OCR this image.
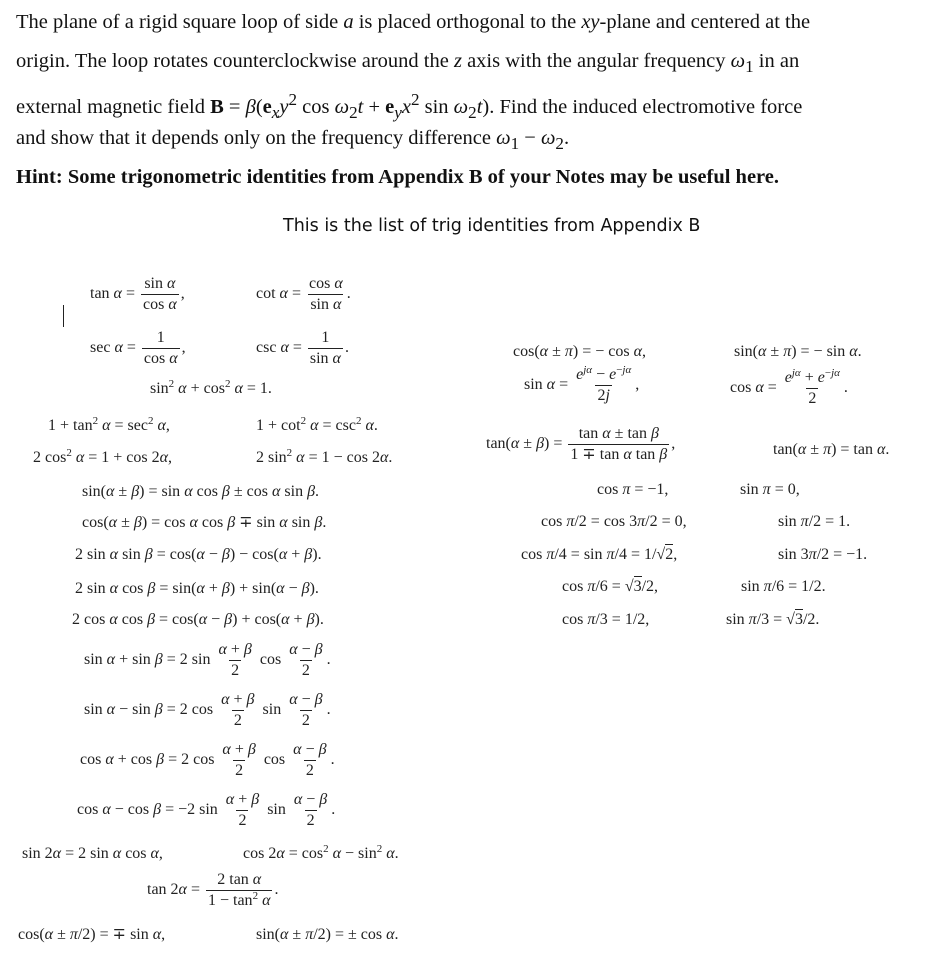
The plane of a rigid square loop of side a is placed orthogonal to the xy-plane and centered at the
origin. The loop rotates counterclockwise around the z axis with the angular frequency $\omega_1$ in an
external magnetic field $B = \beta(e_xy^2$ $\cos \omega_2t + e_yx^2$ $\sin \omega_2t$). Find the induced electromotive force
and show that it depends only on the frequency difference $\omega_1 - \omega_2$.
Hint: Some trigonometric identities from Appendix B of your Notes may be useful here.
This is the list of trig identities from Appendix B
$\tan \alpha = \frac{\text{sin α}}{\text{cos α}}$ ,	$\cot \alpha = \frac{\text{cos α}}{\text{sin α}}$ .
$\sec \alpha = \frac{1}{\text{cos α}}$ ,	$\csc \alpha = \frac{1}{\text{sin α}}$ .
$\sin^2 \alpha + \cos^2 \alpha = 1$.
$1 + \tan^2 \alpha = \sec^2 \alpha$,	$1 + \cot^2 \alpha = \csc^2 \alpha$.
2 $\cos^2 \alpha = 1 + \cos 2\alpha$,	2 $\sin^2 \alpha = 1 - \cos 2\alpha$.
sin(α ± β) = sin α cos β ± cos α sin β.
cos(α ± β) = cos α cos β ∓ sin α sin β.
2 sin α sin β = cos(α − β) − cos(α + β).
2 sin α cos β = sin(α + β) + sin(α − β).
2 cos α cos β = cos(α − β) + cos(α + β).
sin α + sin β = 2 $\sin \frac{\alpha + \beta}{2}$ $\cos \frac{\alpha - \beta}{2}$ .
sin α − sin β = 2 $\cos \frac{\alpha + \beta}{2}$ $\sin \frac{\alpha - \beta}{2}$ .
cos α + cos β = 2 $\cos \frac{\alpha + \beta}{2}$ $\cos \frac{\alpha - \beta}{2}$ .
cos α − cos β = −2 $\sin \frac{\alpha + \beta}{2}$ $\sin \frac{\alpha - \beta}{2}$ .
sin 2α = 2 sin α cos α,	$\cos 2\alpha = \cos^2 \alpha - \sin^2 \alpha$.
$\tan 2\alpha = \frac{\text{2 tan α}}{1 - \tan^2 \alpha}$ .
cos(α ± π/2) = ∓ sin α,	sin(α ± π/2) = ± cos α.
cos(α ± π) = − cos α,	sin(α ± π) = − sin α.
$\sin \alpha = \frac{e^{j\alpha} - e^{-j\alpha}}{2j}$ ,	$\cos \alpha = \frac{e^{j\alpha} + e^{-j\alpha}}{2}$ .
$\tan(\alpha \pm \beta) = \frac{\text{tan α ± tan β}}{\text{1 ∓ tan α tan β}}$ ,	tan(α ± π) = tan α.
cos π = −1,	sin π = 0,
cos π/2 = cos 3π/2 = 0,	sin π/2 = 1.
cos π/4 = sin π/4 = 1/√2,	sin 3π/2 = −1.
cos π/6 = √3/2,	sin π/6 = 1/2.
cos π/3 = 1/2,	sin π/3 = √3/2.
